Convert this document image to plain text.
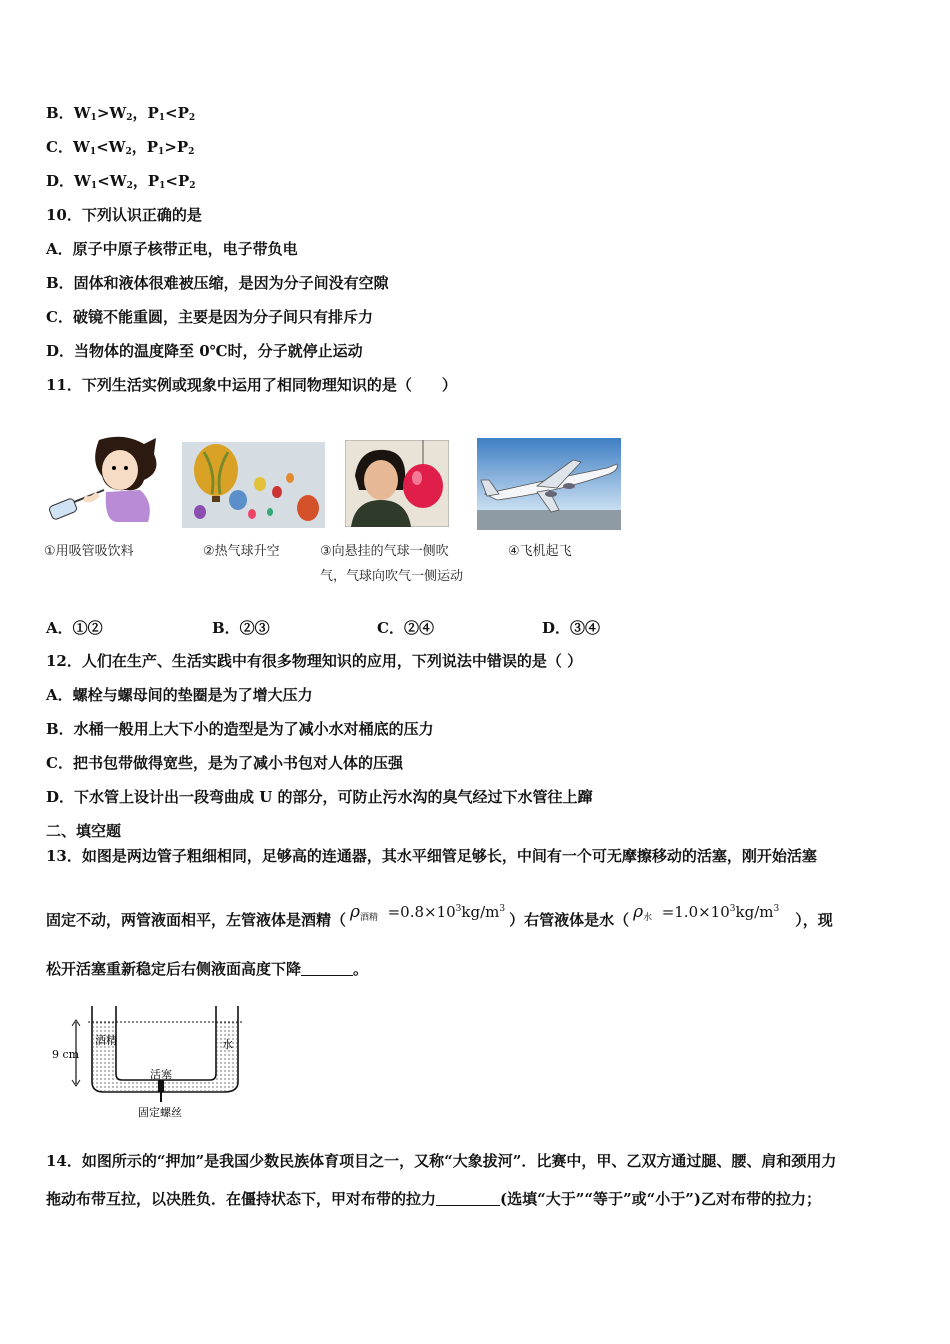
B．$W_1>W_2$，$P_1<P_2$
C．$W_1<W_2$，$P_1>P_2$
D．$W_1<W_2$，$P_1<P_2$
10．下列认识正确的是
A．原子中原子核带正电，电子带负电
B．固体和液体很难被压缩，是因为分子间没有空隙
C．破镜不能重圆，主要是因为分子间只有排斥力
D．当物体的温度降至 0℃时，分子就停止运动
11．下列生活实例或现象中运用了相同物理知识的是（　　）
①用吸管吸饮料	②热气球升空	③向悬挂的气球一侧吹
气，气球向吹气一侧运动
④飞机起飞
A．①②	B．②③	C．②④	D．③④
12．人们在生产、生活实践中有很多物理知识的应用，下列说法中错误的是（ ）
A．螺栓与螺母间的垫圈是为了增大压力
B．水桶一般用上大下小的造型是为了减小水对桶底的压力
C．把书包带做得宽些，是为了减小书包对人体的压强
D．下水管上设计出一段弯曲成 U 的部分，可防止污水沟的臭气经过下水管往上蹿
二、填空题
13．如图是两边管子粗细相同，足够高的连通器，其水平细管足够长，中间有一个可无摩擦移动的活塞，刚开始活塞
固定不动，两管液面相平，左管液体是酒精（ $\rho_{酒精} =0.8\times 10^3kg/m^3$）右管液体是水（ $\rho_水 =1.0\times 10^3kg/m^3$），现
松开活塞重新稳定后右侧液面高度下降	。
9 cm
酒精	水
活塞
固定螺丝
14．如图所示的“押加”是我国少数民族体育项目之一，又称“大象拔河”．比赛中，甲、乙双方通过腿、腰、肩和颈用力
拖动布带互拉，以决胜负．在僵持状态下，甲对布带的拉力	(选填“大于”“等于”或“小于”)乙对布带的拉力；
